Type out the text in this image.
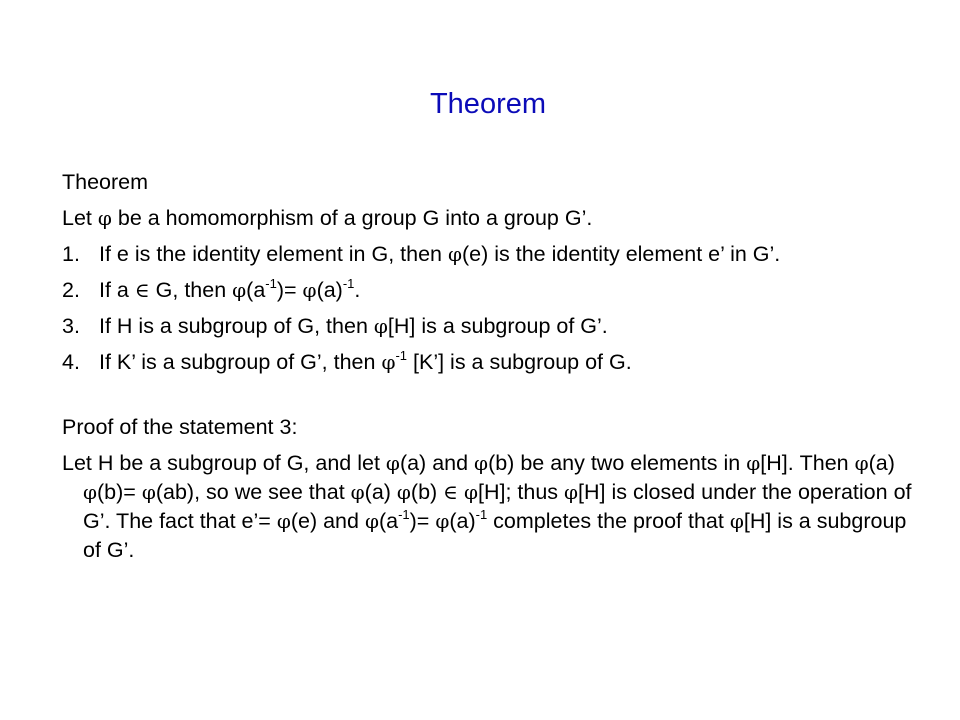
Theorem
Theorem
Let φ be a homomorphism of a group G into a group G’.
1. If e is the identity element in G, then φ(e) is the identity element e’ in G’.
2. If a ∈ G, then $\varphi(a^{-1})= \varphi(a)^{-1}$.
3. If H is a subgroup of G, then φ[H] is a subgroup of G’.
4. If K’ is a subgroup of G’, then $\varphi^{-1}$ [K’] is a subgroup of G.
Proof of the statement 3:

Let H be a subgroup of G, and let φ(a) and φ(b) be any two elements in φ[H]. Then φ(a) φ(b)= φ(ab), so we see that φ(a) φ(b) ∈ φ[H]; thus φ[H] is closed under the operation of G’. The fact that e’= φ(e) and $\varphi(a^{-1})= \varphi(a)^{-1}$ completes the proof that φ[H] is a subgroup of G’.
